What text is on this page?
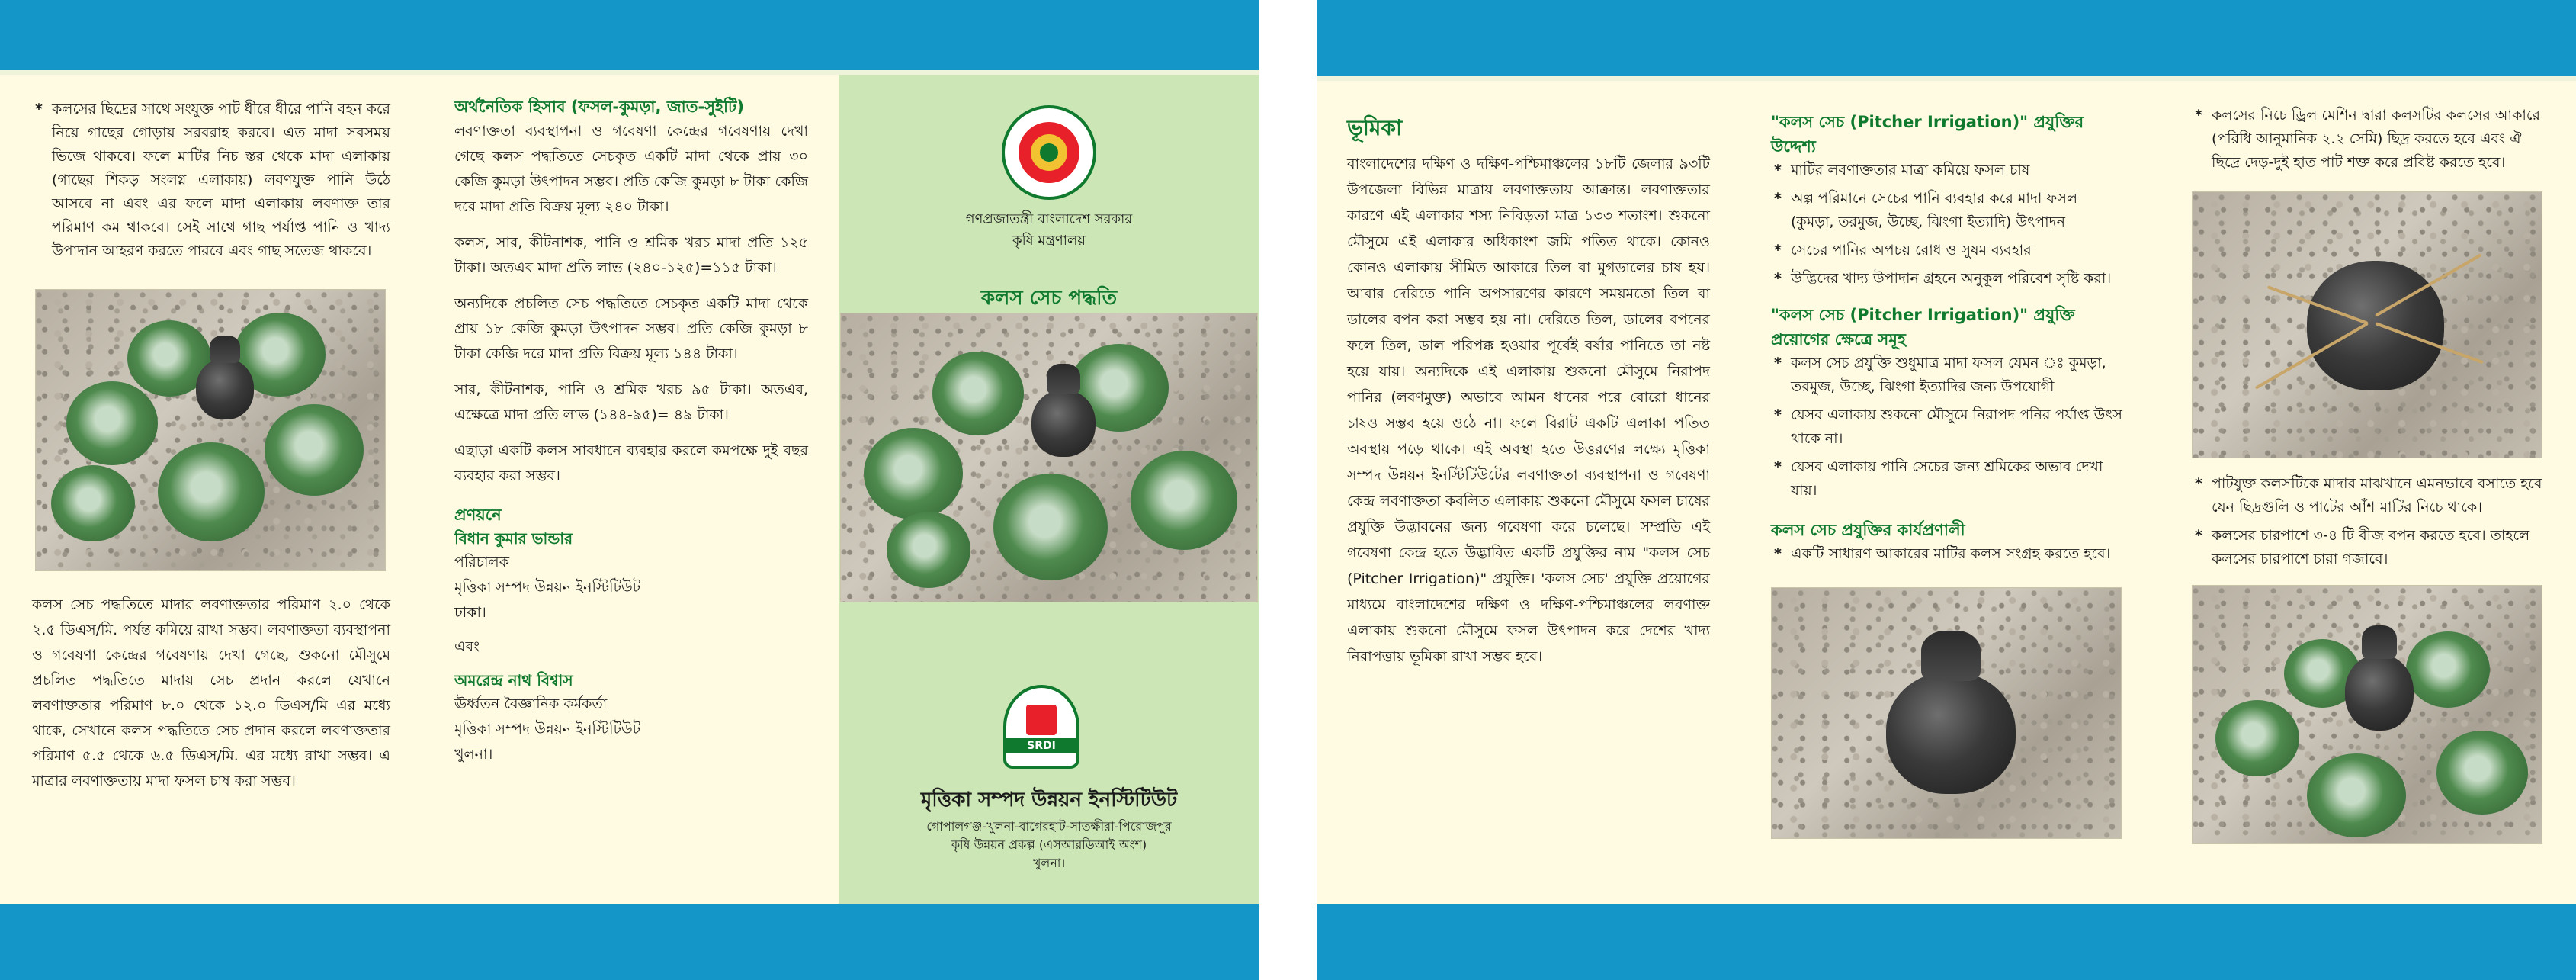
* কলসের ছিদ্রের সাথে সংযুক্ত পাট ধীরে ধীরে পানি বহন করে নিয়ে গাছের গোড়ায় সরবরাহ করবে। এত মাদা সবসময় ভিজে থাকবে। ফলে মাটির নিচ স্তর থেকে মাদা এলাকায় (গাছের শিকড় সংলগ্ন এলাকায়) লবণযুক্ত পানি উঠে আসবে না এবং এর ফলে মাদা এলাকায় লবণাক্ত তার পরিমাণ কম থাকবে। সেই সাথে গাছ পর্যাপ্ত পানি ও খাদ্য উপাদান আহরণ করতে পারবে এবং গাছ সতেজ থাকবে।
কলস সেচ পদ্ধতিতে মাদার লবণাক্ততার পরিমাণ ২.০ থেকে ২.৫ ডিএস/মি. পর্যন্ত কমিয়ে রাখা সম্ভব। লবণাক্ততা ব্যবস্থাপনা ও গবেষণা কেন্দ্রের গবেষণায় দেখা গেছে, শুকনো মৌসুমে প্রচলিত পদ্ধতিতে মাদায় সেচ প্রদান করলে যেখানে লবণাক্ততার পরিমাণ ৮.০ থেকে ১২.০ ডিএস/মি এর মধ্যে থাকে, সেখানে কলস পদ্ধতিতে সেচ প্রদান করলে লবণাক্ততার পরিমাণ ৫.৫ থেকে ৬.৫ ডিএস/মি. এর মধ্যে রাখা সম্ভব। এ মাত্রার লবণাক্ততায় মাদা ফসল চাষ করা সম্ভব।
অর্থনৈতিক হিসাব (ফসল-কুমড়া, জাত-সুইটি)

লবণাক্ততা ব্যবস্থাপনা ও গবেষণা কেন্দ্রের গবেষণায় দেখা গেছে কলস পদ্ধতিতে সেচকৃত একটি মাদা থেকে প্রায় ৩০ কেজি কুমড়া উৎপাদন সম্ভব। প্রতি কেজি কুমড়া ৮ টাকা কেজি দরে মাদা প্রতি বিক্রয় মূল্য ২৪০ টাকা।

কলস, সার, কীটনাশক, পানি ও শ্রমিক খরচ মাদা প্রতি ১২৫ টাকা। অতএব মাদা প্রতি লাভ (২৪০-১২৫)=১১৫ টাকা।

অন্যদিকে প্রচলিত সেচ পদ্ধতিতে সেচকৃত একটি মাদা থেকে প্রায় ১৮ কেজি কুমড়া উৎপাদন সম্ভব। প্রতি কেজি কুমড়া ৮ টাকা কেজি দরে মাদা প্রতি বিক্রয় মূল্য ১৪৪ টাকা।

সার, কীটনাশক, পানি ও শ্রমিক খরচ ৯৫ টাকা। অতএব, এক্ষেত্রে মাদা প্রতি লাভ (১৪৪-৯৫)= ৪৯ টাকা।

এছাড়া একটি কলস সাবধানে ব্যবহার করলে কমপক্ষে দুই বছর ব্যবহার করা সম্ভব।

প্রণয়নে
বিধান কুমার ভান্ডার
পরিচালক
মৃত্তিকা সম্পদ উন্নয়ন ইনস্টিটিউট
ঢাকা।
এবং
অমরেন্দ্র নাথ বিশ্বাস
ঊর্ধ্বতন বৈজ্ঞানিক কর্মকর্তা
মৃত্তিকা সম্পদ উন্নয়ন ইনস্টিটিউট
খুলনা।
গণপ্রজাতন্ত্রী বাংলাদেশ সরকার
কৃষি মন্ত্রণালয়
কলস সেচ পদ্ধতি
SRDI
মৃত্তিকা সম্পদ উন্নয়ন ইনস্টিটিউট
গোপালগঞ্জ-খুলনা-বাগেরহাট-সাতক্ষীরা-পিরোজপুর
কৃষি উন্নয়ন প্রকল্প (এসআরডিআই অংশ)
খুলনা।
ভূমিকা
বাংলাদেশের দক্ষিণ ও দক্ষিণ-পশ্চিমাঞ্চলের ১৮টি জেলার ৯৩টি উপজেলা বিভিন্ন মাত্রায় লবণাক্ততায় আক্রান্ত। লবণাক্ততার কারণে এই এলাকার শস্য নিবিড়তা মাত্র ১৩৩ শতাংশ। শুকনো মৌসুমে এই এলাকার অধিকাংশ জমি পতিত থাকে। কোনও কোনও এলাকায় সীমিত আকারে তিল বা মুগডালের চাষ হয়। আবার দেরিতে পানি অপসারণের কারণে সময়মতো তিল বা ডালের বপন করা সম্ভব হয় না। দেরিতে তিল, ডালের বপনের ফলে তিল, ডাল পরিপক্ক হওয়ার পূর্বেই বর্ষার পানিতে তা নষ্ট হয়ে যায়। অন্যদিকে এই এলাকায় শুকনো মৌসুমে নিরাপদ পানির (লবণমুক্ত) অভাবে আমন ধানের পরে বোরো ধানের চাষও সম্ভব হয়ে ওঠে না। ফলে বিরাট একটি এলাকা পতিত অবস্থায় পড়ে থাকে। এই অবস্থা হতে উত্তরণের লক্ষ্যে মৃত্তিকা সম্পদ উন্নয়ন ইনস্টিটিউটের লবণাক্ততা ব্যবস্থাপনা ও গবেষণা কেন্দ্র লবণাক্ততা কবলিত এলাকায় শুকনো মৌসুমে ফসল চাষের প্রযুক্তি উদ্ভাবনের জন্য গবেষণা করে চলেছে। সম্প্রতি এই গবেষণা কেন্দ্র হতে উদ্ভাবিত একটি প্রযুক্তির নাম "কলস সেচ (Pitcher Irrigation)" প্রযুক্তি। 'কলস সেচ' প্রযুক্তি প্রয়োগের মাধ্যমে বাংলাদেশের দক্ষিণ ও দক্ষিণ-পশ্চিমাঞ্চলের লবণাক্ত এলাকায় শুকনো মৌসুমে ফসল উৎপাদন করে দেশের খাদ্য নিরাপত্তায় ভূমিকা রাখা সম্ভব হবে।
"কলস সেচ (Pitcher Irrigation)" প্রযুক্তির উদ্দেশ্য
* মাটির লবণাক্ততার মাত্রা কমিয়ে ফসল চাষ
* অল্প পরিমানে সেচের পানি ব্যবহার করে মাদা ফসল (কুমড়া, তরমুজ, উচ্ছে, ঝিংগা ইত্যাদি) উৎপাদন
* সেচের পানির অপচয় রোধ ও সুষম ব্যবহার
* উদ্ভিদের খাদ্য উপাদান গ্রহনে অনুকূল পরিবেশ সৃষ্টি করা।
"কলস সেচ (Pitcher Irrigation)" প্রযুক্তি প্রয়োগের ক্ষেত্রে সমূহ
* কলস সেচ প্রযুক্তি শুধুমাত্র মাদা ফসল যেমন ঃ কুমড়া, তরমুজ, উচ্ছে, ঝিংগা ইত্যাদির জন্য উপযোগী
* যেসব এলাকায় শুকনো মৌসুমে নিরাপদ পনির পর্যাপ্ত উৎস থাকে না।
* যেসব এলাকায় পানি সেচের জন্য শ্রমিকের অভাব দেখা যায়।
কলস সেচ প্রযুক্তির কার্যপ্রণালী
* একটি সাধারণ আকারের মাটির কলস সংগ্রহ করতে হবে।
* কলসের নিচে ড্রিল মেশিন দ্বারা কলসটির কলসের আকারে (পরিধি আনুমানিক ২.২ সেমি) ছিদ্র করতে হবে এবং ঐ ছিদ্রে দেড়-দুই হাত পাট শক্ত করে প্রবিষ্ট করতে হবে।
* পাটযুক্ত কলসটিকে মাদার মাঝখানে এমনভাবে বসাতে হবে যেন ছিদ্রগুলি ও পাটের আঁশ মাটির নিচে থাকে।
* কলসের চারপাশে ৩-৪ টি বীজ বপন করতে হবে। তাহলে কলসের চারপাশে চারা গজাবে।
